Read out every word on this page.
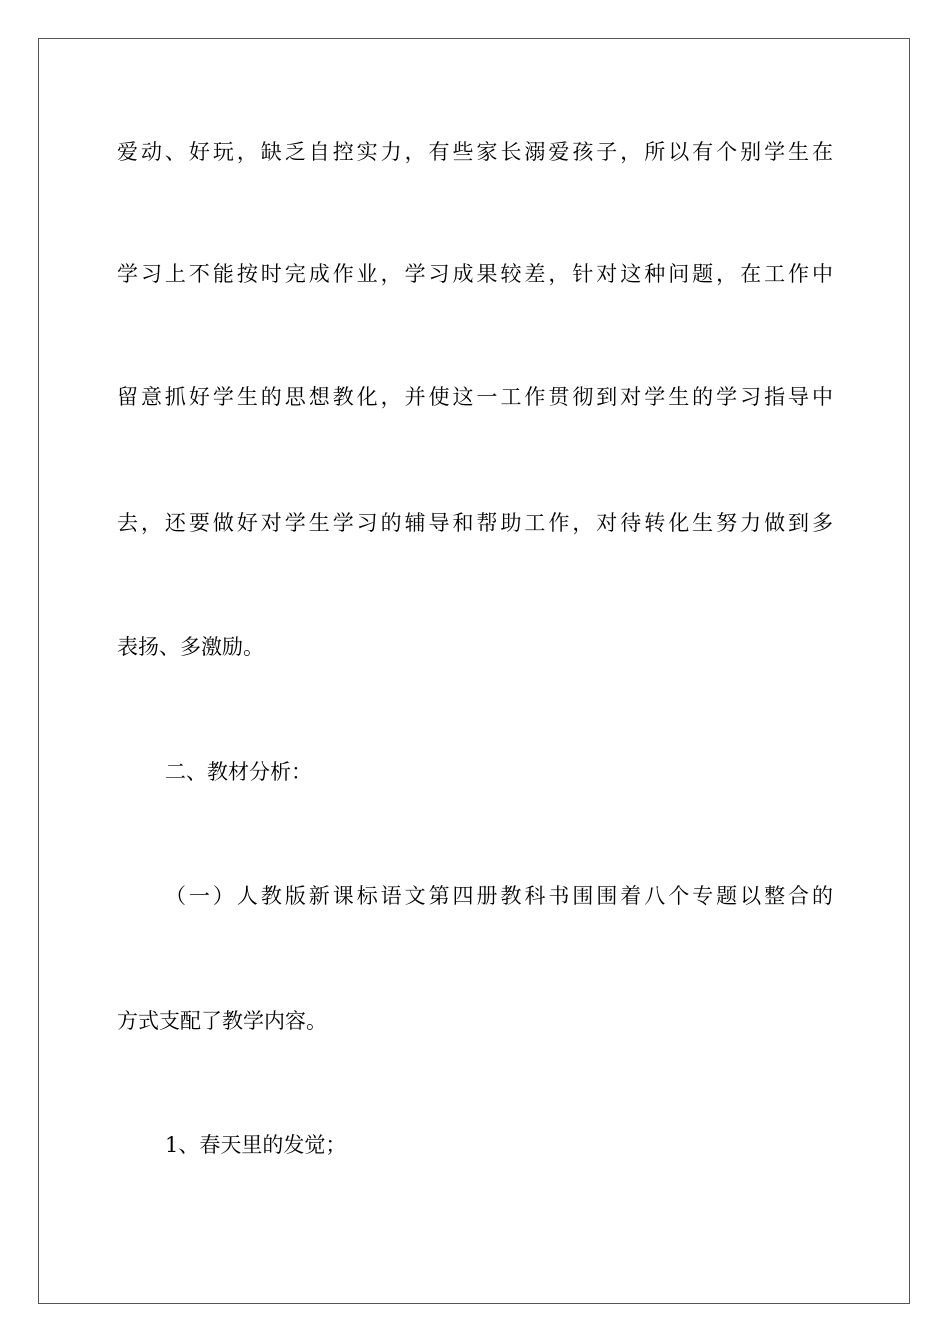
爱动、好玩，缺乏自控实力，有些家长溺爱孩子，所以有个别学生在
学习上不能按时完成作业，学习成果较差，针对这种问题，在工作中
留意抓好学生的思想教化，并使这一工作贯彻到对学生的学习指导中
去，还要做好对学生学习的辅导和帮助工作，对待转化生努力做到多
表扬、多激励。
二、教材分析：
（一）人教版新课标语文第四册教科书围围着八个专题以整合的
方式支配了教学内容。
1、春天里的发觉；
